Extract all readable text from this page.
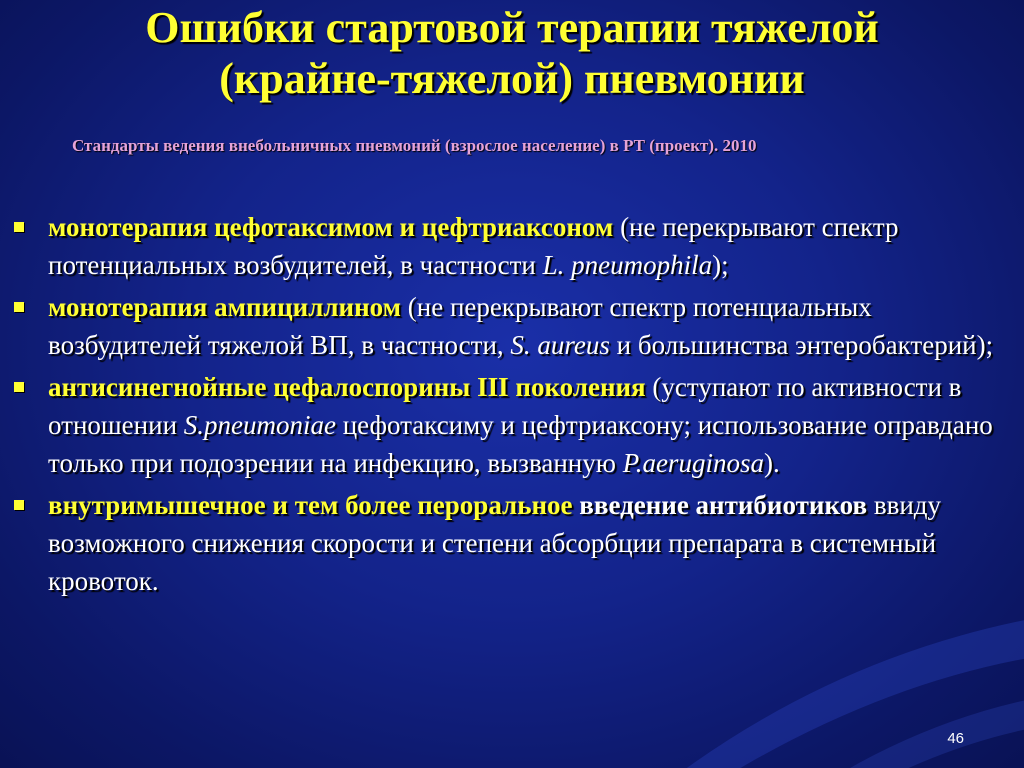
Ошибки стартовой терапии тяжелой
(крайне-тяжелой) пневмонии
Стандарты ведения внебольничных пневмоний (взрослое население) в РТ (проект). 2010
монотерапия цефотаксимом и цефтриаксоном (не перекрывают спектр потенциальных возбудителей, в частности L. pneumophila);
монотерапия ампициллином (не перекрывают спектр потенциальных возбудителей тяжелой ВП, в частности, S. aureus и большинства энтеробактерий);
антисинегнойные цефалоспорины III поколения (уступают по активности в отношении S.pneumoniae цефотаксиму и цефтриаксону; использование оправдано только при подозрении на инфекцию, вызванную P.aeruginosa).
внутримышечное и тем более пероральное введение антибиотиков ввиду возможного снижения скорости и степени абсорбции препарата в системный кровоток.
46
